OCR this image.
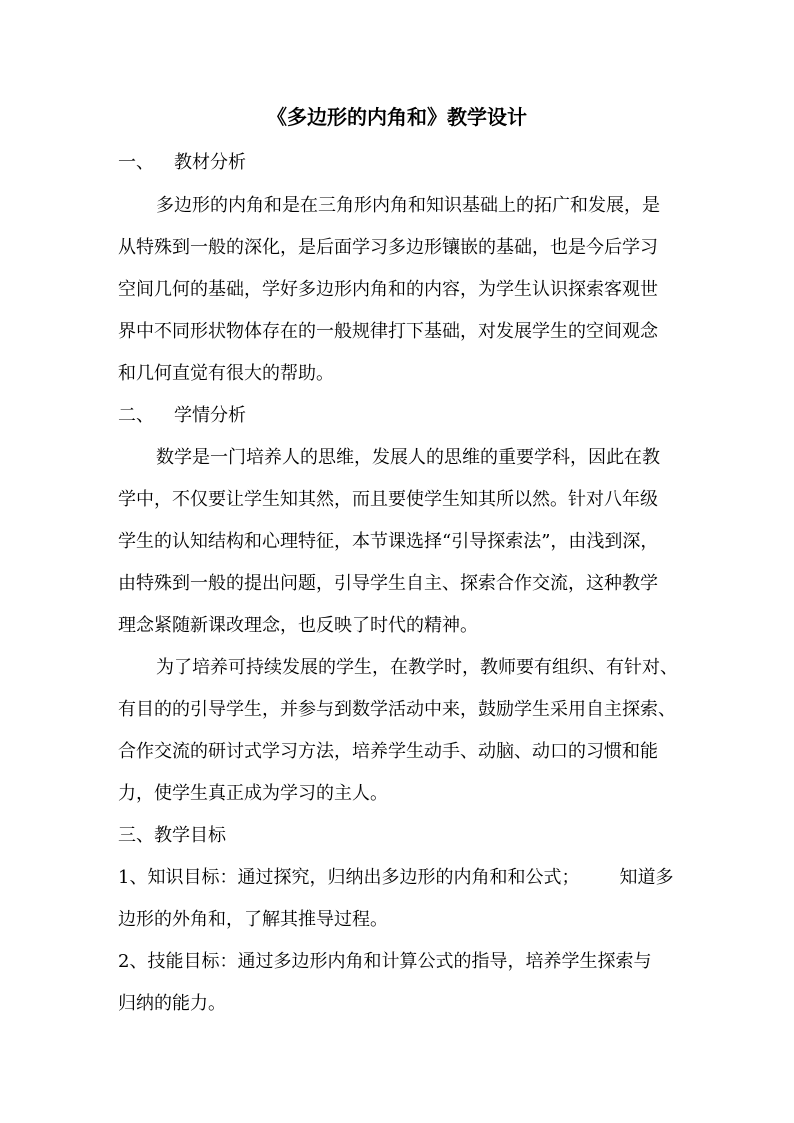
《多边形的内角和》教学设计
一、 教材分析
多边形的内角和是在三角形内角和知识基础上的拓广和发展，是
从特殊到一般的深化，是后面学习多边形镶嵌的基础，也是今后学习
空间几何的基础，学好多边形内角和的内容，为学生认识探索客观世
界中不同形状物体存在的一般规律打下基础，对发展学生的空间观念
和几何直觉有很大的帮助。
二、 学情分析
数学是一门培养人的思维，发展人的思维的重要学科，因此在教
学中，不仅要让学生知其然，而且要使学生知其所以然。针对八年级
学生的认知结构和心理特征，本节课选择“引导探索法”，由浅到深，
由特殊到一般的提出问题，引导学生自主、探索合作交流，这种教学
理念紧随新课改理念，也反映了时代的精神。
为了培养可持续发展的学生，在教学时，教师要有组织、有针对、
有目的的引导学生，并参与到数学活动中来，鼓励学生采用自主探索、
合作交流的研讨式学习方法，培养学生动手、动脑、动口的习惯和能
力，使学生真正成为学习的主人。
三、教学目标
1、知识目标：通过探究，归纳出多边形的内角和和公式； 知道多
边形的外角和，了解其推导过程。
2、技能目标：通过多边形内角和计算公式的指导，培养学生探索与
归纳的能力。
